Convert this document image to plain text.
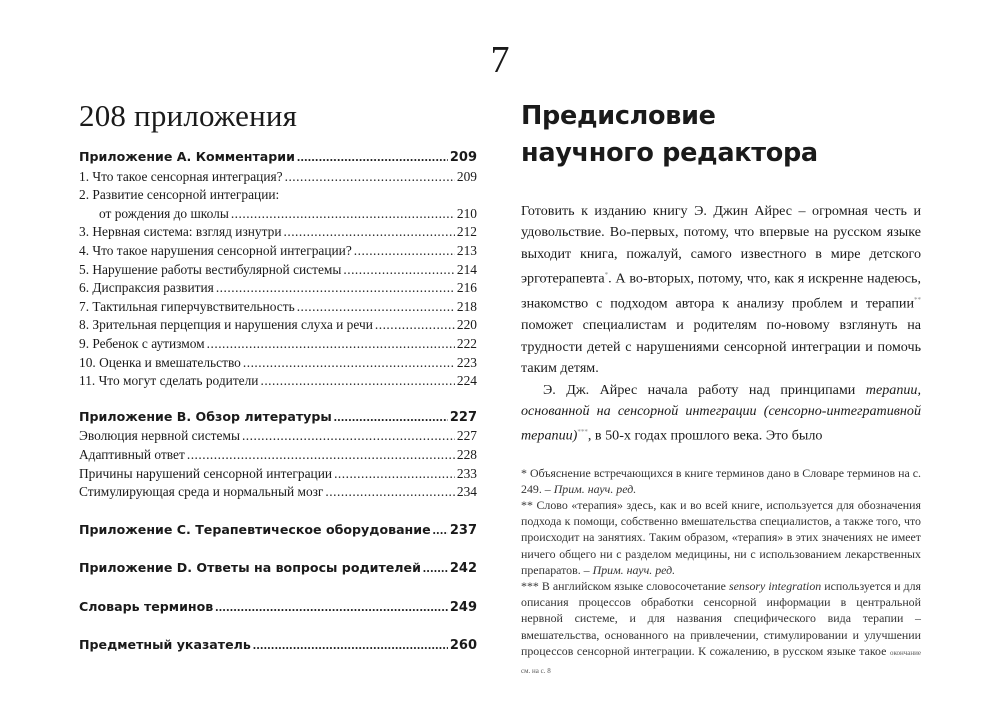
7
208 приложения
Приложение А. Комментарии .....	209
1. Что такое сенсорная интеграция? .....	209
2. Развитие сенсорной интеграции:
от рождения до школы .....	210
3. Нервная система: взгляд изнутри .....	212
4. Что такое нарушения сенсорной интеграции? .....	213
5. Нарушение работы вестибулярной системы .....	214
6. Диспраксия развития .....	216
7. Тактильная гиперчувствительность .....	218
8. Зрительная перцепция и нарушения слуха и речи .....	220
9. Ребенок с аутизмом .....	222
10. Оценка и вмешательство .....	223
11. Что могут сделать родители .....	224
Приложение В. Обзор литературы .....	227
Эволюция нервной системы .....	227
Адаптивный ответ .....	228
Причины нарушений сенсорной интеграции .....	233
Стимулирующая среда и нормальный мозг .....	234
Приложение С. Терапевтическое оборудование ..... 237
Приложение D. Ответы на вопросы родителей ..... 242
Словарь терминов .....	249
Предметный указатель .....	260
Предисловие
научного редактора

Готовить к изданию книгу Э. Джин Айрес – огромная честь и удовольствие. Во-первых, потому, что впервые на русском языке выходит книга, пожалуй, самого известного в мире детского эрготерапевта*. А во-вторых, потому, что, как я искренне надеюсь, знакомство с подходом автора к анализу проблем и терапии** поможет специалистам и родителям по-новому взглянуть на трудности детей с нарушениями сенсорной интеграции и помочь таким детям.

Э. Дж. Айрес начала работу над принципами терапии, основанной на сенсорной интеграции (сенсорно-интегративной терапии)***, в 50-х годах прошлого века. Это было

* Объяснение встречающихся в книге терминов дано в Словаре терминов на с. 249. – Прим. науч. ред.

** Слово «терапия» здесь, как и во всей книге, используется для обозначения подхода к помощи, собственно вмешательства специалистов, а также того, что происходит на занятиях. Таким образом, «терапия» в этих значениях не имеет ничего общего ни с разделом медицины, ни с использованием лекарственных препаратов. – Прим. науч. ред.

*** В английском языке словосочетание sensory integration используется и для описания процессов обработки сенсорной информации в центральной нервной системе, и для названия специфического вида терапии – вмешательства, основанного на привлечении, стимулировании и улучшении процессов сенсорной интеграции. К сожалению, в русском языке такое окончание см. на с. 8
